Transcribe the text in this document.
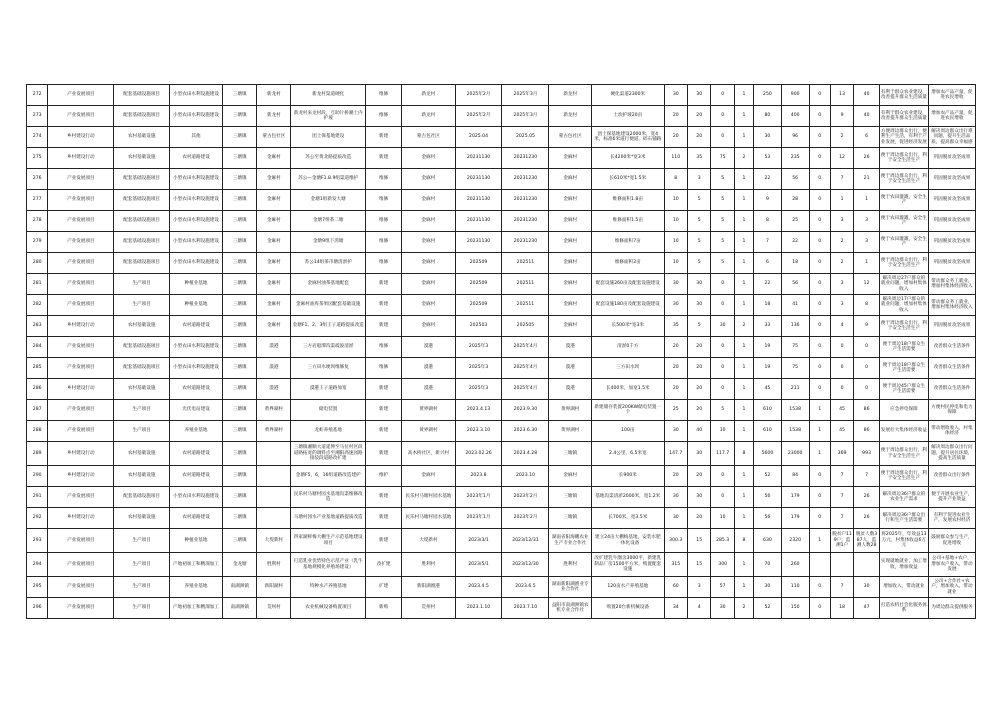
272	产业发展项目	配套基础设施项目	小型农田水利设施建设	三塘镇	新龙村	新龙村渠道硬化	维修	新龙村	2025年2月	2025年3月	新龙村	硬化渠道2300米	30	30	0	1	250	900	0	13	40	有利于群众农业建设，改善提升群众生活质量	增加农产品产量，促进农民增收
273	产业发展项目	配套基础设施项目	小型农田水利设施建设	三塘镇	新龙村	新龙村来龙村段，互助片桥潮土内护坡	维修	新龙村	2025年2月	2025年3月	新龙村	土坎护坡20亩	20	20	0	1	80	400	0	9	40	有利于群众农业建设，改善提升群众生活质量	增加农产品产量，促进农民增收
274	乡村建设行动	农村基础设施	其他	三塘镇	蒙古包社区	团土保基地建设	新建	蒙古包社区	2025.04	2025.05	蒙古包社区	团土保基地建设2000米，宽4米，标准6米道行便道，碎石铺路	20	20	0	1	30	96	0	2	6	方便周边群众出行，便利生产生活，有利于产业发展，促进经济发展	解决周边群众出行难问题，提升生活品质，提高群众幸福感
275	乡村建设行动	农村基础设施	农村道路建设	三塘镇	金麻村	苏公至黄北路提质改造	新建	金麻村	20231130	20231230	金麻村	长4200米*宽3米	110	35	75	2	53	235	0	12	26	便于周边群众出行，利于安全生活生产	巩固脱贫攻坚成果
276	产业发展项目	配套基础设施项目	小型农田水利设施建设	三塘镇	金麻村	苏公—金塘F1.8.9组渠道维护	维修	金麻村	20231130	20231230	金麻村	长610米*宽1.5米	8	3	5	1	22	56	0	7	21	便于周边群众出行，利于安全生活生产	巩固脱贫攻坚成果
277	产业发展项目	配套基础设施项目	小型农田水利设施建设	三塘镇	金麻村	金塘1组新发大塘	维修	金麻村	20231130	20231230	金麻村	维修面积1.8亩	10	5	5	1	9	28	0	1	1	便于农田灌溉，安全生产	巩固脱贫攻坚成果
278	产业发展项目	配套基础设施项目	小型农田水利设施建设	三塘镇	金麻村	金塘7组茶二塘	维修	金麻村	20231130	20231230	金麻村	维修面积1.5亩	10	5	5	1	8	25	0	3	3	便于农田灌溉，安全生产	巩固脱贫攻坚成果
279	产业发展项目	配套基础设施项目	小型农田水利设施建设	三塘镇	金麻村	金塘9组下湾塘	维修	金麻村	20231130	20231230	金麻村	维修面积7亩	10	5	5	1	7	22	0	2	3	便于农田灌溉，安全生产	巩固脱贫攻坚成果
280	产业发展项目	配套基础设施项目	小型农田水利设施建设	三塘镇	金麻村	苏公14组茶市塘清淤护	维修	金麻村	202509	202511	金麻村	维修面积2亩	10	5	5	1	6	18	0	2	1	便于周边群众出行，利于安全生活生产	巩固脱贫攻坚成果
281	产业发展项目	生产项目	种植业基地	三塘镇	金麻村	金麻村油茶基地配套	新建	金麻村	202509	202511	金麻村	配套设施260亩及配套设施建设	30	30	0	1	22	56	0	3	12	解决周边27户群众的就业问题，增加村集体收入	带动群众务工就业，增加村集体经济收入
282	产业发展项目	生产项目	种植业基地	三塘镇	金麻村	金麻村油库茶果园配套基础设施	新建	金麻村	202509	202511	金麻村	配套设施180亩及配套设施建设	30	30	0	1	18	41	0	3	8	解决周边17户群众的就业问题，增加村集体收入	带动群众务工就业，增加村集体经济收入
283	乡村建设行动	农村基础设施	农村道路建设	三塘镇	金麻村	金塘F1、2、3组王子道路提质改造	新建	金麻村	202503	202505	金麻村	长500米*宽3米	35	5	30	2	33	136	0	4	9	便于周边群众出行，利于安全生活生产	巩固脱贫攻坚成果
284	产业发展项目	配套基础设施项目	小型农田水利设施建设	三塘镇	漠港	三方岩船潭沟渠疏浚清淤	维修	漠港	2025年3	2025年4月	漠港	清淤0千方	20	20	0	1	19	75	0	0	0	便于周边18户群众生产生活需要	改善群众生活条件
285	产业发展项目	配套基础设施项目	小型农田水利设施建设	三塘镇	漠港	三方田水埂坝维修复	维修	漠港	2025年3	2025年4月	漠港	三方田水坝	20	20	0	1	19	75	0	0	0	便于周边18户群众生产生活需要	改善群众生活条件
286	乡村建设行动	农村基础设施	农村道路建设	三塘镇	漠港	漠港王子道路加宽	新建	漠港	2025年3	2025年4月	漠港	长400米，加宽1.5米	20	20	0	1	45	211	0	0	0	便于周边45户群众生产生活需要	改善群众生活条件
287	产业发展项目	生产项目	光伏电站建设	三塘镇	黄界湖村	储电装置	新建	黄界湖村	2023.4.13	2023.9.30	黄界湖村	新建储存装置200KW储电装置一个	25	20	5	1	610	1538	1	45	86	应急停电保障	方便村民停电和电力保障
288	产业发展项目	生产项目	养殖业基地	三塘镇	黄界湖村	龙虾养殖基地	新建	黄界湖村	2023.3.10	2023.6.30	黄界湖村	100亩	30	40	10	1	610	1538	1	45	86	发展壮大集体经济收益	带动增收收入，村集体经济
289	乡村建设行动	农村基础设施	农村道路建设	三塘镇		三塘镇湘顺大道延伸至马位村区段道路拓宽的调料点至湘阳高速园路接驳段道路改扩建	新建	高木桥社区，新兴村	2023.02.26	2023.4.28	三塘镇	2.4公里，6.5米宽	147.7	30	117.7	8	5600	23000	1	369	993	便于周边群众出行，利于安全生活生产	解决周边群众出行问题，提升居住环境，提高生活质量
290	乡村建设行动	农村基础设施	农村道路建设	三塘镇		金塘F5，6，16组道路改造建护	维护	金麻村	2023.8	2023.10	金麻村	长900米	20	20	0	1	52	84	0	7	7	便于周边群众出行，利于安全生活生产	改善群众出行条件
291	产业发展项目	配套基础设施项目	小型农田水利设施建设	三塘镇		民乐村马塘村园水基地沟渠维修改造	新建	民乐村马塘村园水基地	2023年1月	2023年2月	三塘镇	基地沟渠清淤2000米，宽1.2米	30	30	0	1	56	179	0	7	26	解决周边36户群众的农业生产需求	便于开展农业生产，提升产业效益
292	乡村建设行动	农村基础设施	农村道路建设	三塘镇		马塘村园水产业基地道路提质改造	新建	民乐村马塘村园水基地	2023年1月	2023年2月	三塘镇	长700米，宽3.5米	30	20	10	1	56	179	0	7	26	解决周边36户群众出行和生产生活需要	有利于促进农业生产，发展农村经济
293	产业发展项目	生产项目	种植业基地	三塘镇	大堤新村	四家湖鲜梅大棚生产示范基地建设项目	新建	大堤新村	2023/3/1	2023/12/31	湖南省阳海鹏农业生产专业合作社	建立24亩大棚梅基地，安装水肥一体化设备	300.3	15	285.3	8	630	2320	1	脱贫户119户，监测1户	脱贫人数387人，监测人数28	将2025年，年效益13万元，村集体收益6万元	鼓励群众参与生产，促进增收
294	产业发展项目	生产项目	产地初加工和精深加工	金龙塘	胜利村	打造乳业优势特色示范产业（乳牛基地规模化养殖场建设）	改扩建	胜利村	2023/5/1	2023/12/30	胜利村	改扩建乳牛圈舍3000平，新建乳制品厂房1500平方米，购置配套设施	315	15	300	1	70	260				实现就地就业，加工增收，增加收益	公司+基地+农户，增加农户收入，带动发展
295	产业发展项目	生产项目	养殖业基地	南湖洲镇	新阳湖村	特种水产养殖基地	扩建	新阳湖渔港	2023.4.5	2023.6.5	湖南新阳湖渔业专业合作社	120亩水产养殖基地	60	3	57	1	30	110	0	7	30	增加收入，带动就业	公司+合作社+农户，增加收入，带动就业
296	产业发展项目	生产项目	产地初加工和精深加工	南湖洲镇	荒州村	农业机械设备购置项目	新购	荒州村	2023.1.10	2023.7.10	益阳市南湖洲镇农机专业合作社	购置20台新机械设备	34	4	30	2	52	150	0	18	47	打造农机社会化服务体系	为周边群众提供服务
